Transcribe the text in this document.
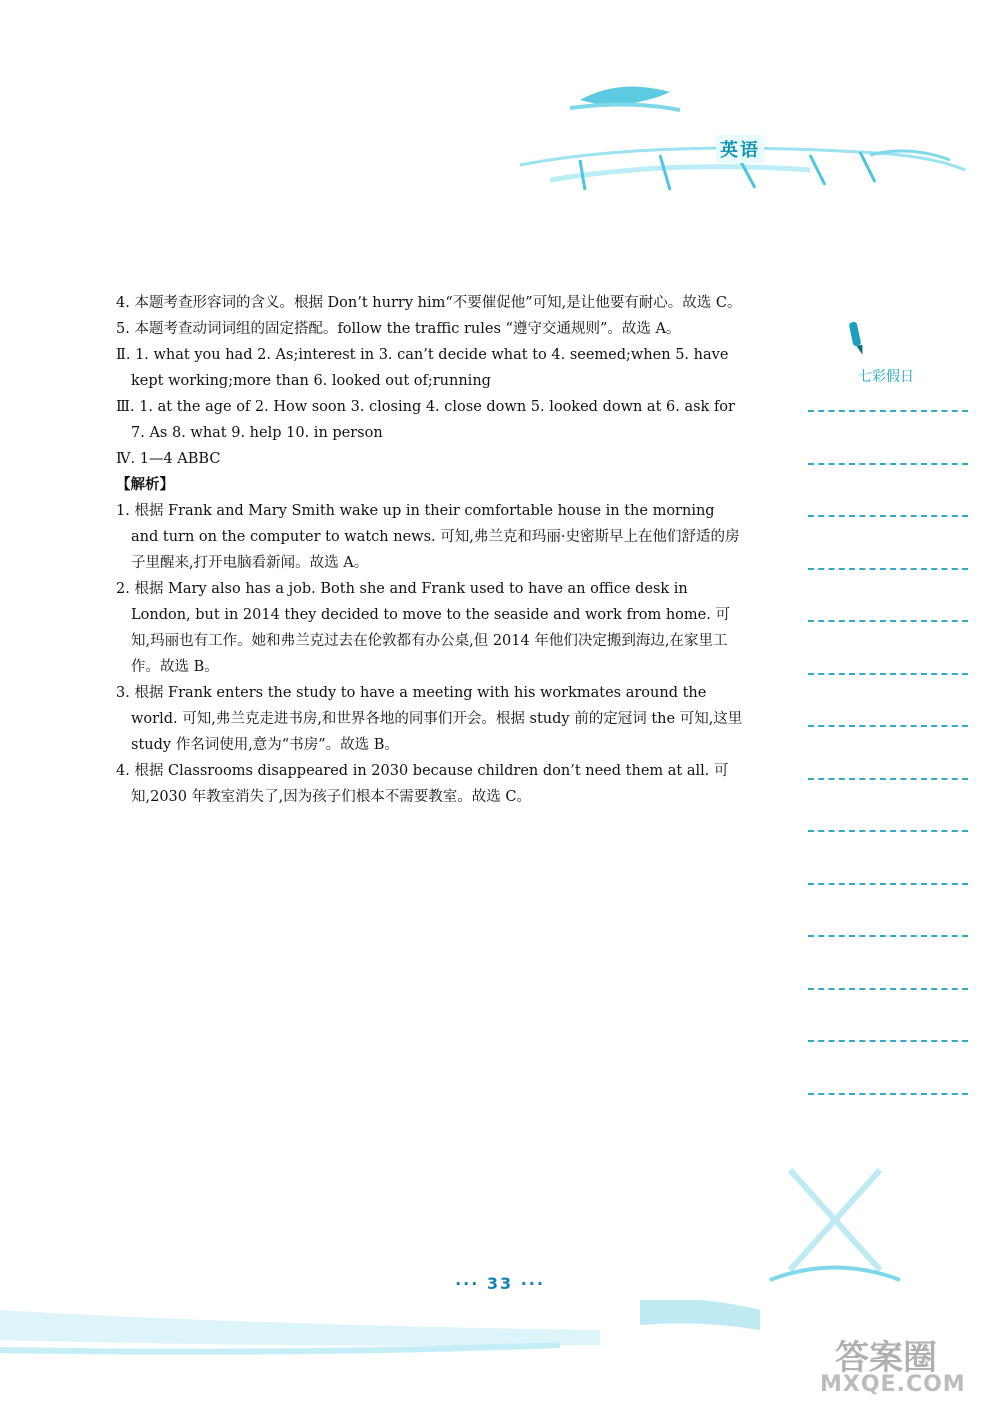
英语
七彩假日

4. 本题考查形容词的含义。根据 Don’t hurry him“不要催促他”可知,是让他要有耐心。故选 C。

5. 本题考查动词词组的固定搭配。follow the traffic rules “遵守交通规则”。故选 A。

Ⅱ. 1. what you had 2. As;interest in 3. can’t decide what to 4. seemed;when 5. have kept working;more than 6. looked out of;running

Ⅲ. 1. at the age of 2. How soon 3. closing 4. close down 5. looked down at 6. ask for 7. As 8. what 9. help 10. in person

Ⅳ. 1—4 ABBC

【解析】

1. 根据 Frank and Mary Smith wake up in their comfortable house in the morning and turn on the computer to watch news. 可知,弗兰克和玛丽·史密斯早上在他们舒适的房子里醒来,打开电脑看新闻。故选 A。

2. 根据 Mary also has a job. Both she and Frank used to have an office desk in London, but in 2014 they decided to move to the seaside and work from home. 可知,玛丽也有工作。她和弗兰克过去在伦敦都有办公桌,但 2014 年他们决定搬到海边,在家里工作。故选 B。

3. 根据 Frank enters the study to have a meeting with his workmates around the world. 可知,弗兰克走进书房,和世界各地的同事们开会。根据 study 前的定冠词 the 可知,这里 study 作名词使用,意为“书房”。故选 B。

4. 根据 Classrooms disappeared in 2030 because children don’t need them at all. 可知,2030 年教室消失了,因为孩子们根本不需要教室。故选 C。

··· 33 ···
答案圈
MXQE.COM
